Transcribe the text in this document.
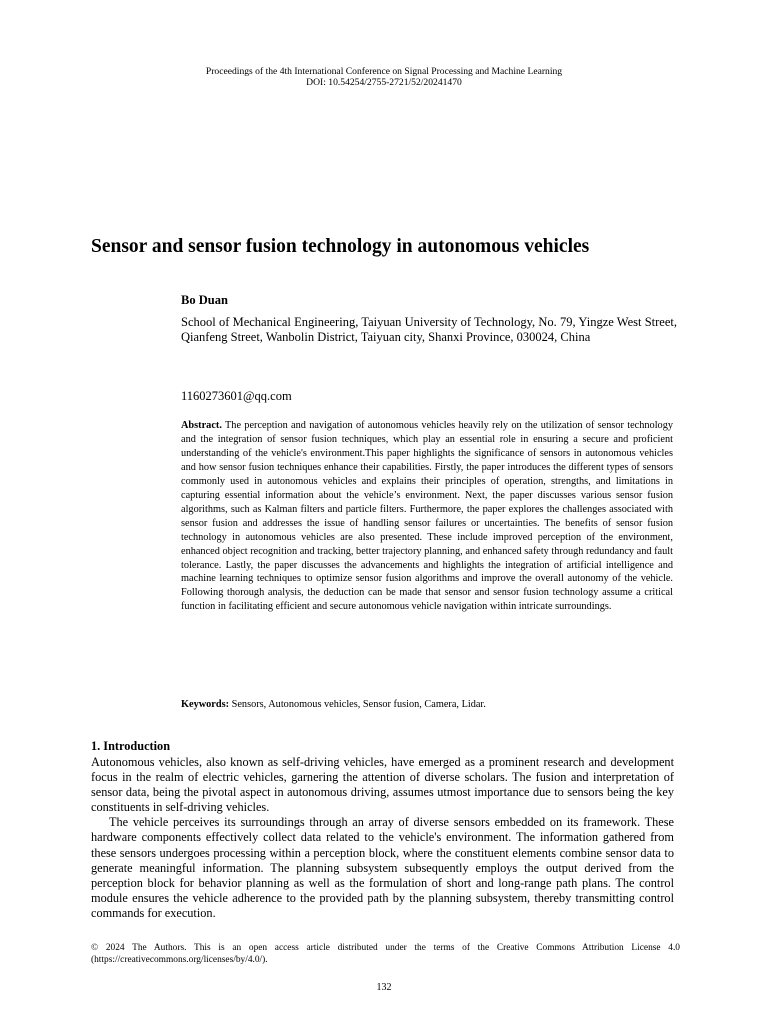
Proceedings of the 4th International Conference on Signal Processing and Machine Learning
DOI: 10.54254/2755-2721/52/20241470
Sensor and sensor fusion technology in autonomous vehicles
Bo Duan
School of Mechanical Engineering, Taiyuan University of Technology, No. 79, Yingze West Street, Qianfeng Street, Wanbolin District, Taiyuan city, Shanxi Province, 030024, China
1160273601@qq.com

Abstract. The perception and navigation of autonomous vehicles heavily rely on the utilization of sensor technology and the integration of sensor fusion techniques, which play an essential role in ensuring a secure and proficient understanding of the vehicle's environment.This paper highlights the significance of sensors in autonomous vehicles and how sensor fusion techniques enhance their capabilities. Firstly, the paper introduces the different types of sensors commonly used in autonomous vehicles and explains their principles of operation, strengths, and limitations in capturing essential information about the vehicle’s environment. Next, the paper discusses various sensor fusion algorithms, such as Kalman filters and particle filters. Furthermore, the paper explores the challenges associated with sensor fusion and addresses the issue of handling sensor failures or uncertainties. The benefits of sensor fusion technology in autonomous vehicles are also presented. These include improved perception of the environment, enhanced object recognition and tracking, better trajectory planning, and enhanced safety through redundancy and fault tolerance. Lastly, the paper discusses the advancements and highlights the integration of artificial intelligence and machine learning techniques to optimize sensor fusion algorithms and improve the overall autonomy of the vehicle. Following thorough analysis, the deduction can be made that sensor and sensor fusion technology assume a critical function in facilitating efficient and secure autonomous vehicle navigation within intricate surroundings.

Keywords: Sensors, Autonomous vehicles, Sensor fusion, Camera, Lidar.
1. Introduction

Autonomous vehicles, also known as self-driving vehicles, have emerged as a prominent research and development focus in the realm of electric vehicles, garnering the attention of diverse scholars. The fusion and interpretation of sensor data, being the pivotal aspect in autonomous driving, assumes utmost importance due to sensors being the key constituents in self-driving vehicles.

The vehicle perceives its surroundings through an array of diverse sensors embedded on its framework. These hardware components effectively collect data related to the vehicle's environment. The information gathered from these sensors undergoes processing within a perception block, where the constituent elements combine sensor data to generate meaningful information. The planning subsystem subsequently employs the output derived from the perception block for behavior planning as well as the formulation of short and long-range path plans. The control module ensures the vehicle adherence to the provided path by the planning subsystem, thereby transmitting control commands for execution.

© 2024 The Authors. This is an open access article distributed under the terms of the Creative Commons Attribution License 4.0 (https://creativecommons.org/licenses/by/4.0/).
132
